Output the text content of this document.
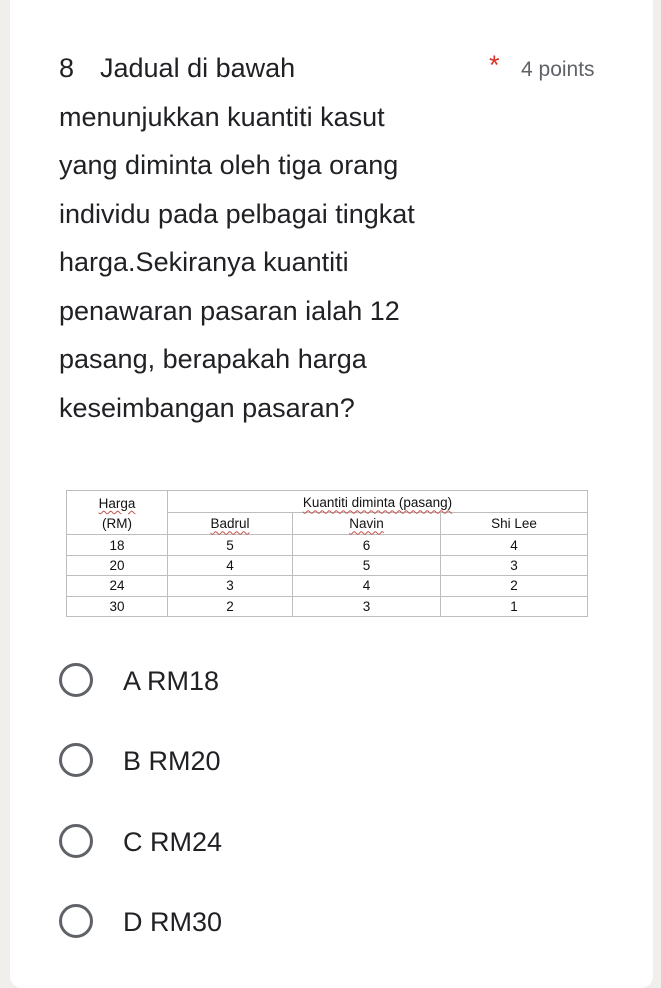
8 Jadual di bawah	* 4 points

menunjukkan kuantiti kasut

yang diminta oleh tiga orang

individu pada pelbagai tingkat

harga.Sekiranya kuantiti

penawaran pasaran ialah 12

pasang, berapakah harga

keseimbangan pasaran?

Harga	Kuantiti diminta (pasang)		
(RM)	Badrul	Navin	Shi Lee
18	5	6	4
20	4	5	3
24	3	4	2
30	2	3	1
A RM18
B RM20
C RM24
D RM30
